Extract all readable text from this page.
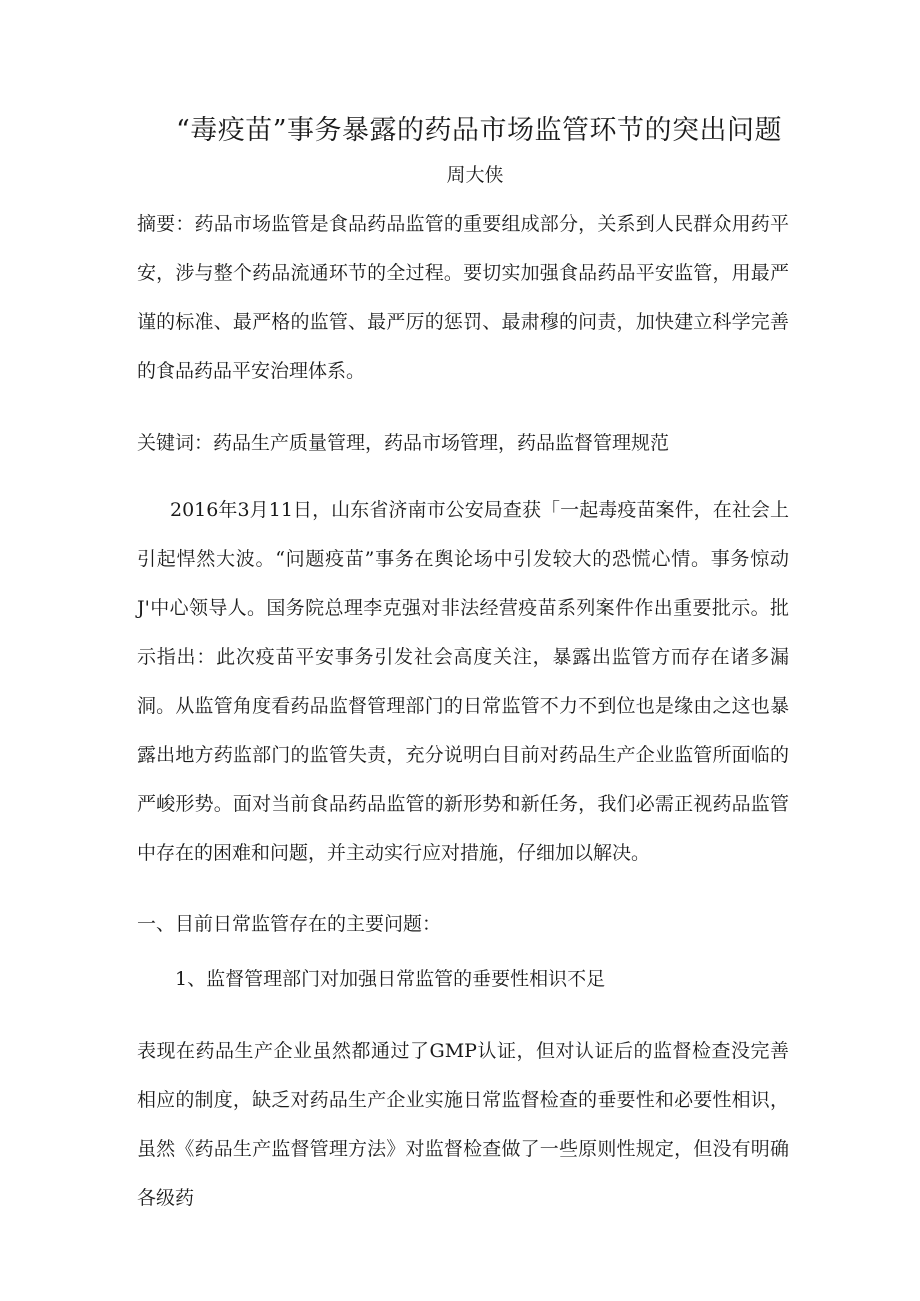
“毒疫苗”事务暴露的药品市场监管环节的突出问题
周大侠

摘要：药品市场监管是食品药品监管的重要组成部分，关系到人民群众用药平安，涉与整个药品流通环节的全过程。要切实加强食品药品平安监管，用最严谨的标准、最严格的监管、最严厉的惩罚、最肃穆的问责，加快建立科学完善的食品药品平安治理体系。

关键词：药品生产质量管理，药品市场管理，药品监督管理规范

2016年3月11日，山东省济南市公安局查获「一起毒疫苗案件，在社会上引起悍然大波。“问题疫苗”事务在舆论场中引发较大的恐慌心情。事务惊动J'中心领导人。国务院总理李克强对非法经营疫苗系列案件作出重要批示。批示指出：此次疫苗平安事务引发社会高度关注，暴露出监管方而存在诸多漏洞。从监管角度看药品监督管理部门的日常监管不力不到位也是缘由之这也暴露出地方药监部门的监管失责，充分说明白目前对药品生产企业监管所面临的严峻形势。面对当前食品药品监管的新形势和新任务，我们必需正视药品监管中存在的困难和问题，并主动实行应对措施，仔细加以解决。

一、目前日常监管存在的主要问题：

1、监督管理部门对加强日常监管的垂要性相识不足

表现在药品生产企业虽然都通过了GMP认证，但对认证后的监督检查没完善相应的制度，缺乏对药品生产企业实施日常监督检查的垂要性和必要性相识，虽然《药品生产监督管理方法》对监督检查做了一些原则性规定，但没有明确各级药
